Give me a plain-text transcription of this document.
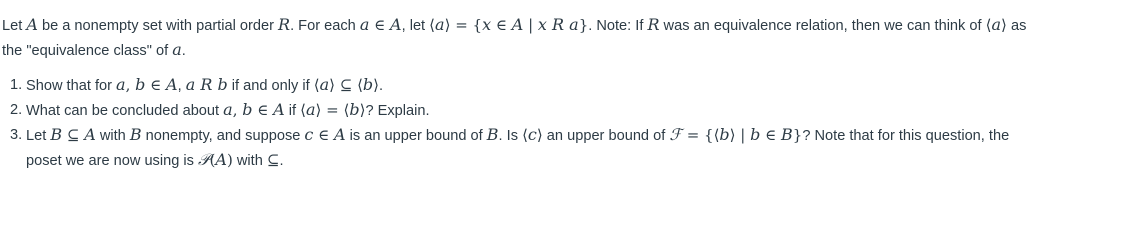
Let A be a nonempty set with partial order R. For each a ∈ A, let ⟨a⟩ = {x ∈ A | x R a}. Note: If R was an equivalence relation, then we can think of ⟨a⟩ as
the "equivalence class" of a.

1. Show that for a, b ∈ A, a R b if and only if ⟨a⟩ ⊆ ⟨b⟩.
2. What can be concluded about a, b ∈ A if ⟨a⟩ = ⟨b⟩? Explain.
3. Let B ⊆ A with B nonempty, and suppose c ∈ A is an upper bound of B. Is ⟨c⟩ an upper bound of ℱ = {⟨b⟩ | b ∈ B}? Note that for this question, the
poset we are now using is 𝒫(A) with ⊆.
